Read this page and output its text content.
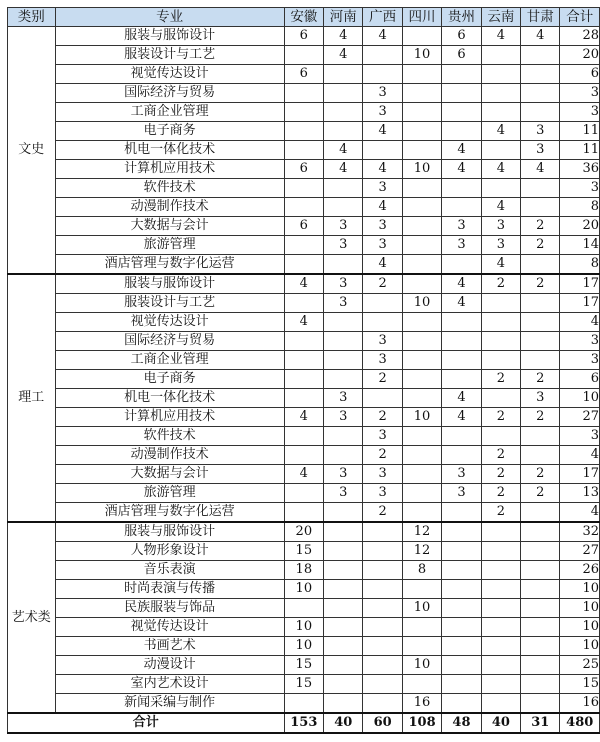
类别	专业	安徽	河南	广西	四川	贵州	云南	甘肃	合计
文史	服装与服饰设计	6	4	4		6	4	4	28
	服装设计与工艺		4		10	6			20
	视觉传达设计	6							6
	国际经济与贸易			3					3
	工商企业管理			3					3
	电子商务			4			4	3	11
	机电一体化技术		4			4		3	11
	计算机应用技术	6	4	4	10	4	4	4	36
	软件技术			3					3
	动漫制作技术			4			4		8
	大数据与会计	6	3	3		3	3	2	20
	旅游管理		3	3		3	3	2	14
	酒店管理与数字化运营			4			4		8
理工	服装与服饰设计	4	3	2		4	2	2	17
	服装设计与工艺		3		10	4			17
	视觉传达设计	4							4
	国际经济与贸易			3					3
	工商企业管理			3					3
	电子商务			2			2	2	6
	机电一体化技术		3			4		3	10
	计算机应用技术	4	3	2	10	4	2	2	27
	软件技术			3					3
	动漫制作技术			2			2		4
	大数据与会计	4	3	3		3	2	2	17
	旅游管理		3	3		3	2	2	13
	酒店管理与数字化运营			2			2		4
艺术类	服装与服饰设计	20			12				32
	人物形象设计	15			12				27
	音乐表演	18			8				26
	时尚表演与传播	10							10
	民族服装与饰品				10				10
	视觉传达设计	10							10
	书画艺术	10							10
	动漫设计	15			10				25
	室内艺术设计	15							15
	新闻采编与制作				16				16
合计		153	40	60	108	48	40	31	480
